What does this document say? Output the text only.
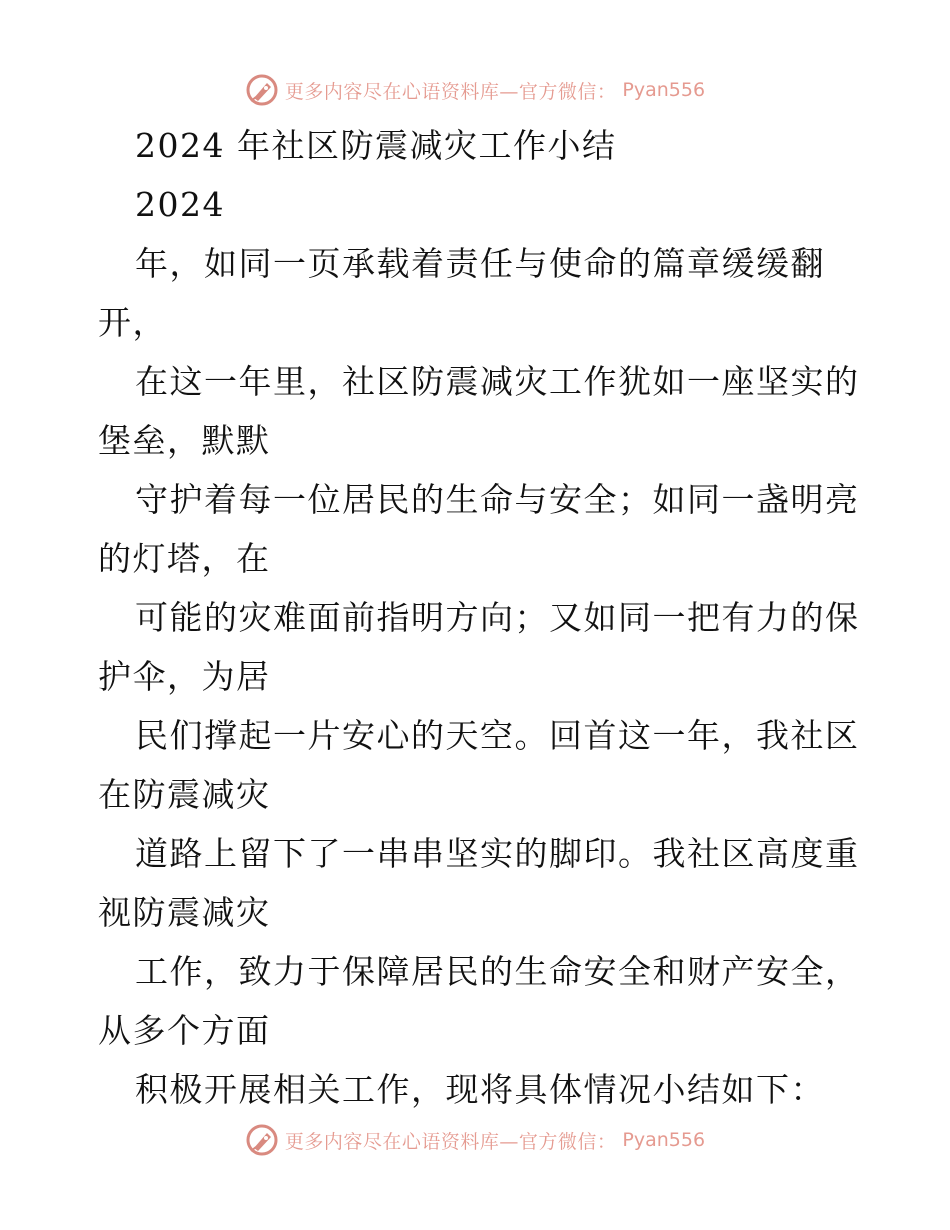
更多内容尽在心语资料库—官方微信： Pyan556
2024 年社区防震减灾工作小结
2024
年，如同一页承载着责任与使命的篇章缓缓翻
开，
在这一年里，社区防震减灾工作犹如一座坚实的
堡垒，默默
守护着每一位居民的生命与安全；如同一盏明亮
的灯塔，在
可能的灾难面前指明方向；又如同一把有力的保
护伞，为居
民们撑起一片安心的天空。回首这一年，我社区
在防震减灾
道路上留下了一串串坚实的脚印。我社区高度重
视防震减灾
工作，致力于保障居民的生命安全和财产安全，
从多个方面
积极开展相关工作，现将具体情况小结如下：
更多内容尽在心语资料库—官方微信： Pyan556
